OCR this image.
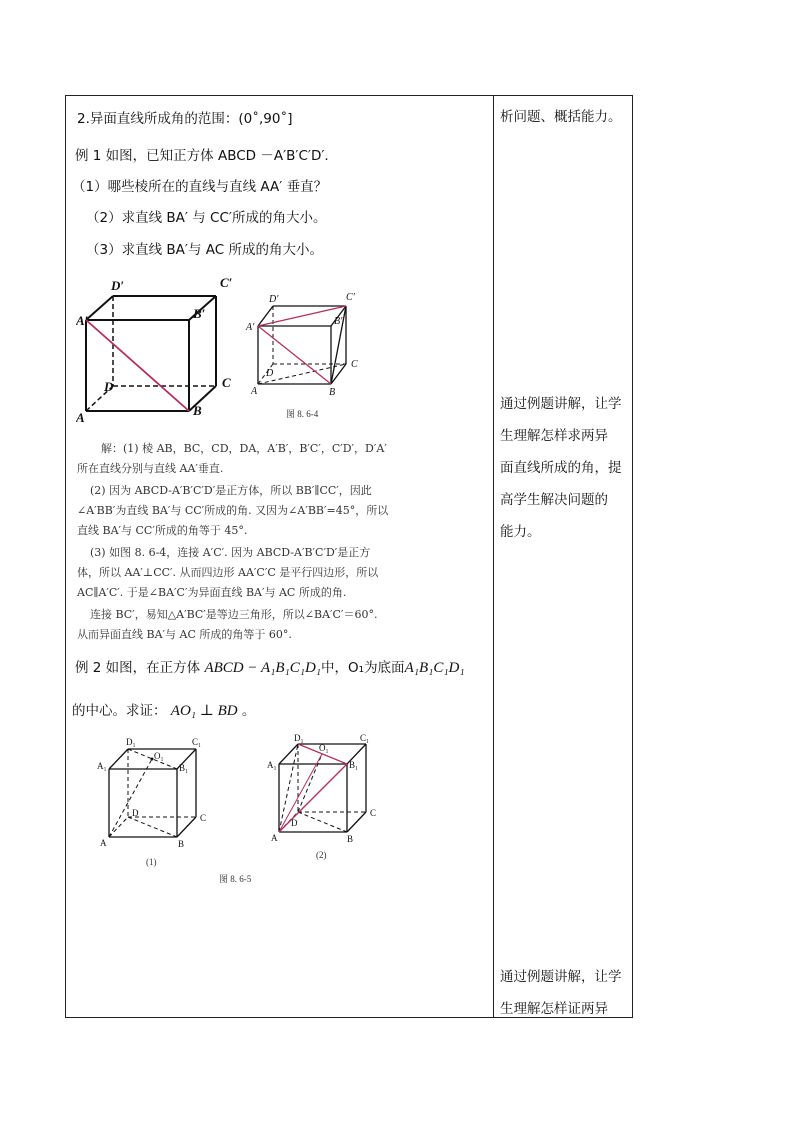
2.异面直线所成角的范围：(0˚,90˚]
例 1 如图，已知正方体 ABCD －A′B′C′D′.
（1）哪些棱所在的直线与直线 AA′ 垂直？
（2）求直线 BA′ 与 CC′所成的角大小。
（3）求直线 BA′与 AC 所成的角大小。
A	B
C
D
A′	B′
C′
D′
A	B
C
D
A′
B′
C′
D′
图 8. 6-4
解：(1) 棱 AB，BC，CD，DA，A′B′，B′C′，C′D′，D′A′
所在直线分别与直线 AA′垂直.
(2) 因为 ABCD-A′B′C′D′是正方体，所以 BB′∥CC′，因此
∠A′BB′为直线 BA′与 CC′所成的角. 又因为∠A′BB′=45°，所以
直线 BA′与 CC′所成的角等于 45°.
(3) 如图 8. 6-4，连接 A′C′. 因为 ABCD-A′B′C′D′是正方
体，所以 AA′⊥CC′. 从而四边形 AA′C′C 是平行四边形，所以
AC∥A′C′. 于是∠BA′C′为异面直线 BA′与 AC 所成的角.
连接 BC′，易知△A′BC′是等边三角形，所以∠BA′C′＝60°.
从而异面直线 BA′与 AC 所成的角等于 60°.
例 2 如图，在正方体 ABCD − A₁B₁C₁D₁中，O₁为底面A₁B₁C₁D₁
的中心。求证： AO₁ ⊥ BD 。
A	B
C
D
A₁	B₁
C₁
D₁
O₁
(1)
A	B
C
D
A₁	B₁
C₁
D₁
O₁
(2)
图 8. 6-5
析问题、概括能力。
通过例题讲解，让学
生理解怎样求两异
面直线所成的角，提
高学生解决问题的
能力。
通过例题讲解，让学
生理解怎样证两异
